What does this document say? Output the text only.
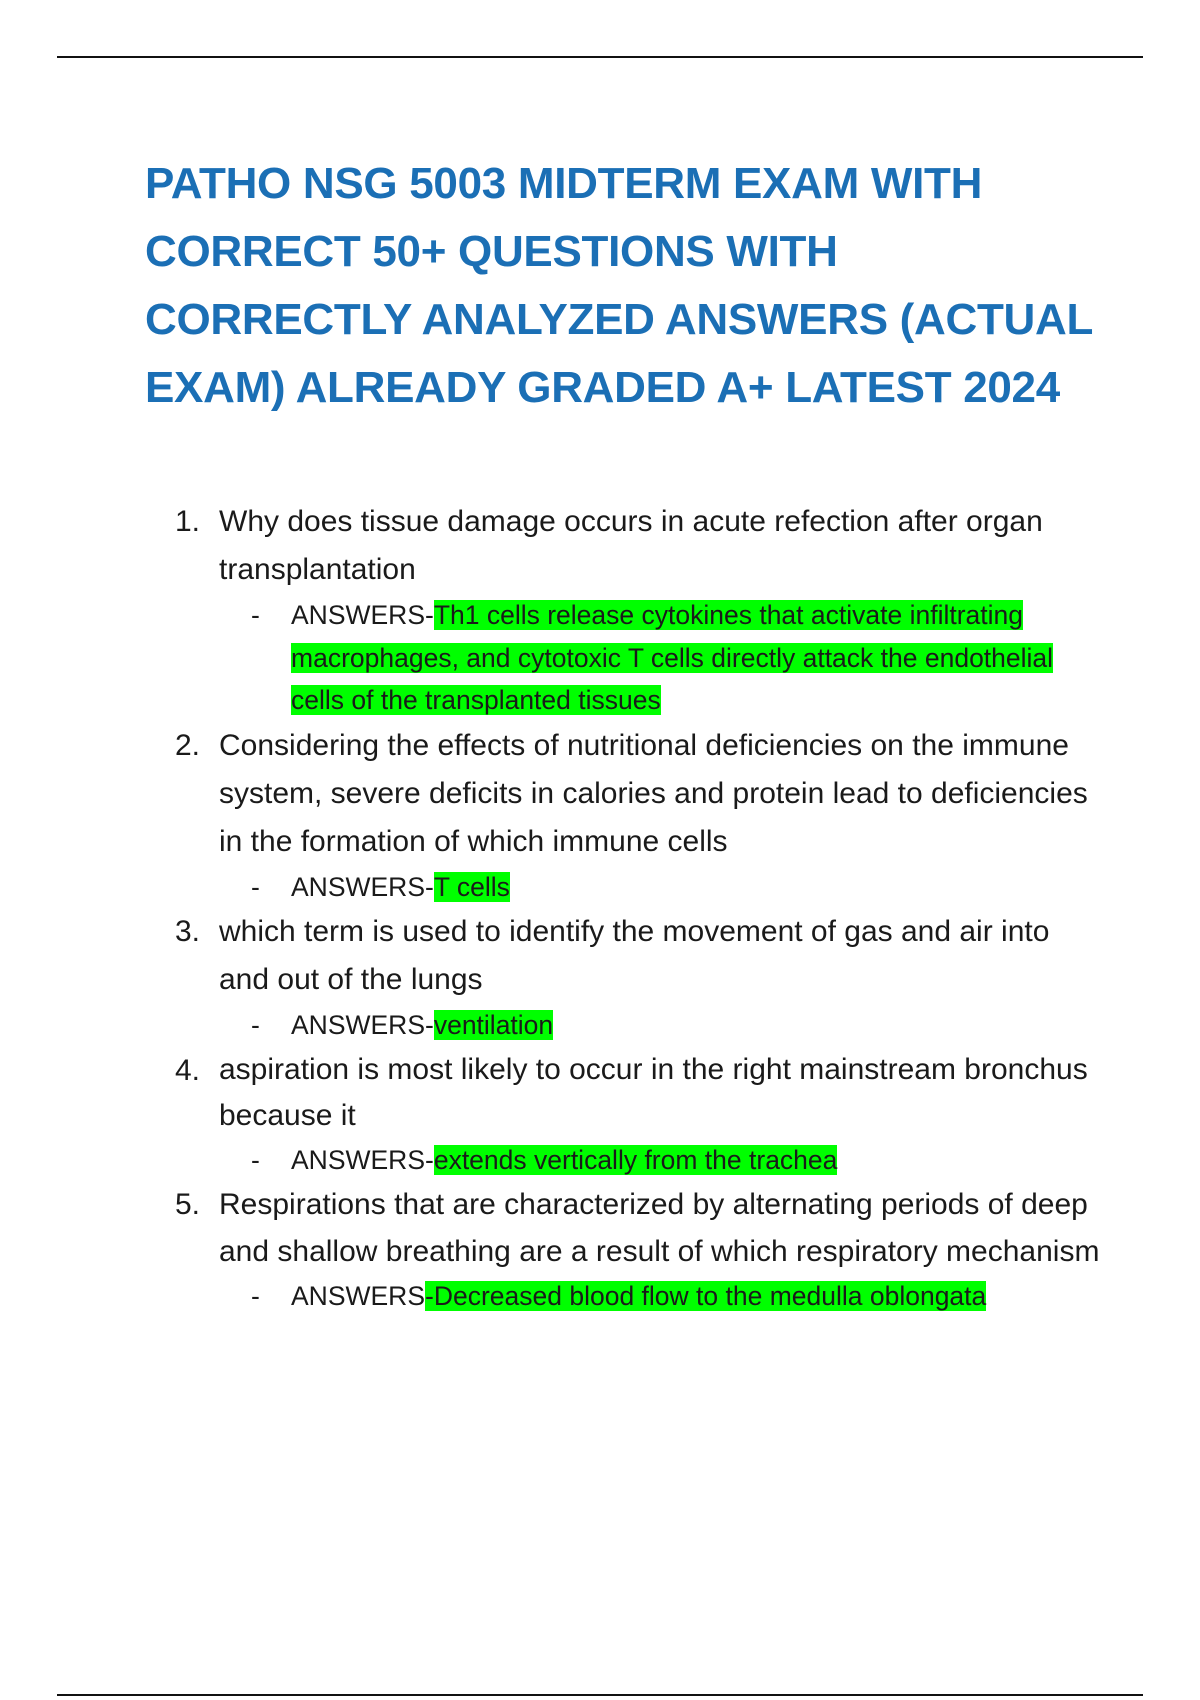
PATHO NSG 5003 MIDTERM EXAM WITH CORRECT 50+ QUESTIONS WITH CORRECTLY ANALYZED ANSWERS (ACTUAL EXAM) ALREADY GRADED A+ LATEST 2024
1. Why does tissue damage occurs in acute refection after organ transplantation

- ANSWERS-Th1 cells release cytokines that activate infiltrating macrophages, and cytotoxic T cells directly attack the endothelial cells of the transplanted tissues

2. Considering the effects of nutritional deficiencies on the immune system, severe deficits in calories and protein lead to deficiencies in the formation of which immune cells

- ANSWERS-T cells

3. which term is used to identify the movement of gas and air into and out of the lungs

- ANSWERS-ventilation

4. aspiration is most likely to occur in the right mainstream bronchus because it

- ANSWERS-extends vertically from the trachea

5. Respirations that are characterized by alternating periods of deep and shallow breathing are a result of which respiratory mechanism

- ANSWERS-Decreased blood flow to the medulla oblongata
